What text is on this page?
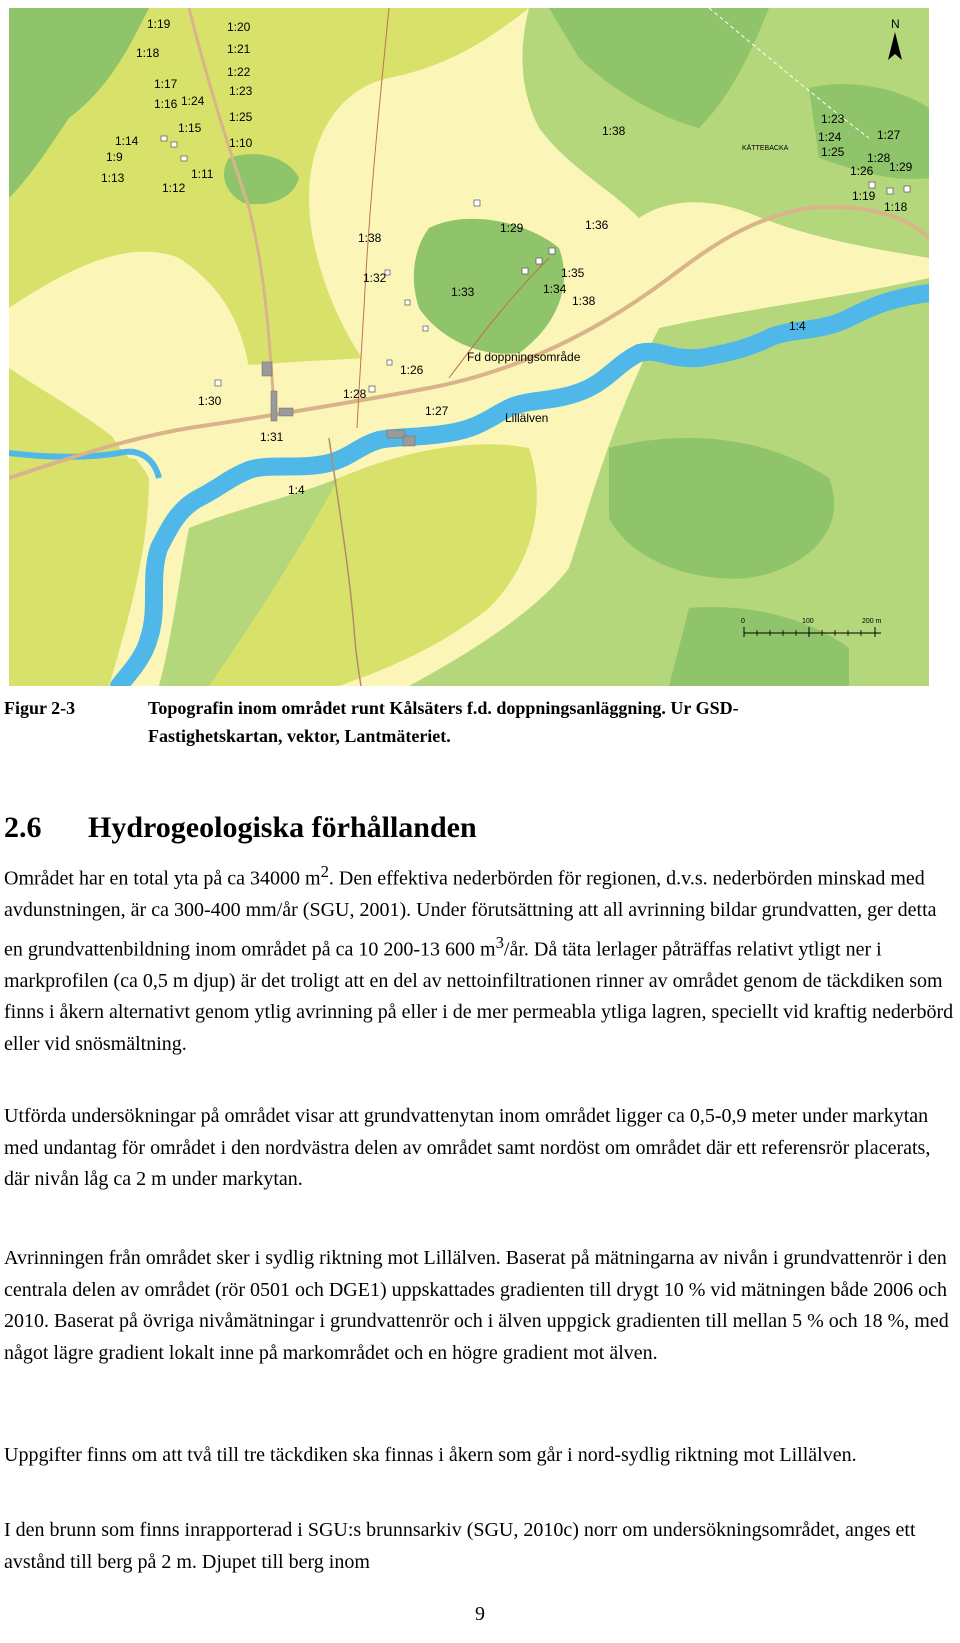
1:19	1:20
1:18	1:21
1:22
1:17	1:23
1:16 1:24
1:25
1:15
1:14	1:10
1:9
1:13	1:11
1:12
1:38
1:23
1:24	1:27
1:25 1:28
1:26 1:29
1:19
1:18
1:29	1:36
1:38
1:35
1:32
1:33	1:34
1:38
1:4
1:26
1:28
1:30
1:27
1:31
1:4
Fd doppningsområde
Lillälven
KÄTTEBACKA
N
0	100	200 m
Figur 2-3	Topografin inom området runt Kålsäters f.d. doppningsanläggning. Ur GSD-
Fastighetskartan, vektor, Lantmäteriet.
2.6 Hydrogeologiska förhållanden

Området har en total yta på ca 34000 $m^2$. Den effektiva nederbörden för regionen, d.v.s. nederbörden minskad med avdunstningen, är ca 300-400 mm/år (SGU, 2001). Under förutsättning att all avrinning bildar grundvatten, ger detta en grundvattenbildning inom området på ca 10 200-13 600 $m^3/år$. Då täta lerlager påträffas relativt ytligt ner i markprofilen (ca 0,5 m djup) är det troligt att en del av nettoinfiltrationen rinner av området genom de täckdiken som finns i åkern alternativt genom ytlig avrinning på eller i de mer permeabla ytliga lagren, speciellt vid kraftig nederbörd eller vid snösmältning.

Utförda undersökningar på området visar att grundvattenytan inom området ligger ca 0,5-0,9 meter under markytan med undantag för området i den nordvästra delen av området samt nordöst om området där ett referensrör placerats, där nivån låg ca 2 m under markytan.

Avrinningen från området sker i sydlig riktning mot Lillälven. Baserat på mätningarna av nivån i grundvattenrör i den centrala delen av området (rör 0501 och DGE1) uppskattades gradienten till drygt 10 % vid mätningen både 2006 och 2010. Baserat på övriga nivåmätningar i grundvattenrör och i älven uppgick gradienten till mellan 5 % och 18 %, med något lägre gradient lokalt inne på markområdet och en högre gradient mot älven.

Uppgifter finns om att två till tre täckdiken ska finnas i åkern som går i nord-sydlig riktning mot Lillälven.

I den brunn som finns inrapporterad i SGU:s brunnsarkiv (SGU, 2010c) norr om undersökningsområdet, anges ett avstånd till berg på 2 m. Djupet till berg inom

9
